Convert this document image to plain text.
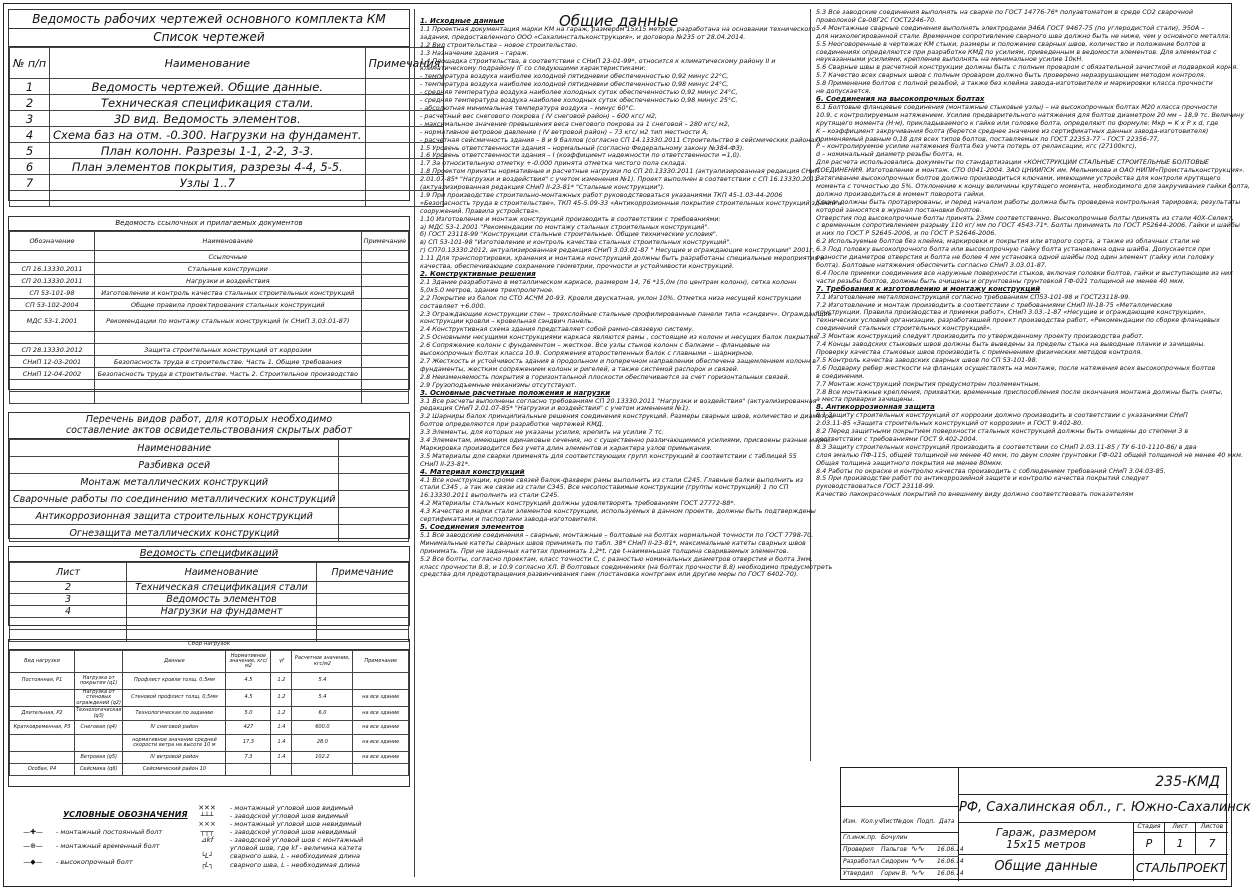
Ведомость рабочих чертежей основного комплекта КМ
Список чертежей
№ п/п	Наименование	Примечания
1	Ведомость чертежей. Общие данные.	
2	Техническая спецификация стали.	
3	3D вид. Ведомость элементов.	
4	Схема баз на отм. -0.300. Нагрузки на фундамент.	
5	План колонн. Разрезы 1-1, 2-2, 3-3.	
6	План элементов покрытия, разрезы 4-4, 5-5.	
7	Узлы 1..7	

Ведомость ссылочных и прилагаемых документов
Обозначение	Наименование	Примечание
	Ссылочные	
СП 16.13330.2011	Стальные конструкции	
СП 20.13330.2011	Нагрузки и воздействия	
СП 53-101-98	Изготовление и контроль качества стальных строительных конструкций	
СП 53-102-2004	Общие правила проектирования стальных конструкций	
МДС 53-1.2001	Рекомендации по монтажу стальных конструкций (к СНиП 3.03.01-87)	

СП 28.13330.2012	Защита строительных конструкций от коррозии	
СНиП 12-03-2001	Безопасность труда в строительстве. Часть 1. Общие требования	
СНиП 12-04-2002	Безопасность труда в строительстве. Часть 2. Строительное производство	

Перечень видов работ, для которых необходимо
составление актов освидетельствования скрытых работ
Наименование	
Разбивка осей	
Монтаж металлических конструкций	
Сварочные работы по соединению металлических конструкций	
Антикоррозионная защита строительных конструкций	
Огнезащита металлических конструкций	
Ведомость спецификаций
Лист	Наименование	Примечание
2	Техническая спецификация стали	
3	Ведомость элементов	
4	Нагрузки на фундамент	

Сбор нагрузок
Вид нагрузки		Данные	Нормативное значение, кгс/м2	γf	Расчетное значение, кгс/м2	Примечание
Постоянная, Р1	Нагрузка от покрытия (q1)	Профлист кровли толщ. 0,5мм	4.5	1.2	5.4	
	Нагрузка от стеновых ограждений (q2)	Стеновой профлист толщ. 0,5мм	4.5	1.2	5.4	на все здание
Длительная, Р2	Технологическая (q3)	Технологическая по заданию	5.0	1.2	6.0	на все здание
Кратковременная, Р3	Снеговая (q4)	IV снеговой район	427	1.4	600.0	на все здание
		нормативное значение средней скорости ветра на высоте 10 м	17.3	1.4	28.0	на все здание
	Ветровая (q5)	IV ветровой район	7.3	1.4	102.2	на все здание
Особая, Р4	Сейсмика (q6)	Сейсмический район 10				
УСЛОВНЫЕ ОБОЗНАЧЕНИЯ
—✚— - монтажный постоянный болт
—⊕— - монтажный временный болт
—◆— - высокопрочный болт
✕✕✕ - монтажный угловой шов видимый
┴┴┴	- заводской угловой шов видимый
××× - монтажный угловой шов невидимый
┬┬┬	- заводской угловой шов невидимый
⊿kf	- заводской угловой шов с монтажный
угловой шов, где kf - величина катета
└L┘	сварного шва, L - необходимая длина
┌L┐	сварного шва, L - необходимая длина
Общие данные

1. Исходные данные

1.1 Проектная документация марки КМ на гараж, размером 15х15 метров, разработана на основании технического

задания, предоставленного ООО «Сахалинстальконструкция», и договора №235 от 28.04.2014.

1.2 Вид строительства – новое строительство.

1.3 Назначение здания – гараж.

1.4 Площадка строительства, в соответствии с СНиП 23-01-99*, относится к климатическому району II и

климатическому подрайону IГ со следующими характеристиками:

- температура воздуха наиболее холодной пятидневки обеспеченностью 0,92 минус 22°С,

- температура воздуха наиболее холодной пятидневки обеспеченностью 0,98 минус 24°С,

- средняя температура воздуха наиболее холодных суток обеспеченностью 0,92 минус 24°С,

- средняя температура воздуха наиболее холодных суток обеспеченностью 0,98 минус 25°С.

- абсолютная минимальная температура воздуха – минус 60°С.

- расчетный вес снегового покрова ( IV снеговой район) – 600 кгс/ м2,

- максимальное значение превышения веса снегового покрова за 1 снеговой – 280 кгс/ м2,

- нормативное ветровое давление ( IV ветровой район) – 73 кгс/ м2 тип местности А,

- расчетная сейсмичность здания – 8 и 9 баллов (согласно СП 14.13330.2011 Строительство в сейсмических районах).

1.5 Уровень ответственности здания – нормальный (согласно Федеральному закону №384-ФЗ).

1.6 Уровень ответственности здания – I (коэффициент надежности по ответственности =1,0).

1.7 За относительную отметку +-0.000 принята отметка чистого пола склада.

1.8 Проектом приняты нормативные и расчетные нагрузки по СП 20.13330.2011 (актуализированная редакция СНиП

2.01.07-85* "Нагрузки и воздействия" с учетом изменения №1). Проект выполнен в соответствии с СП 16.13330.2011

(актуализированная редакция СНиП II-23-81* "Стальные конструкции").

1.9 При производстве строительно-монтажных работ руководствоваться указаниями ТКП 45-1.03-44-2006

«Безопасность труда в строительстве», ТКП 45-5.09-33 «Антикоррозионные покрытия строительных конструкций зданий и

сооружений. Правила устройства».

1.10 Изготовление и монтаж конструкций производить в соответствии с требованиями:

а) МДС 53-1.2001 "Рекомендации по монтажу стальных строительных конструкций".

б) ГОСТ 23118-99 "Конструкции стальные строительные. Общие технические условия".

в) СП 53-101-98 "Изготовление и контроль качества стальных строительных конструкций".

г) СП70.13330.2012, актуализированная редакция СНиП 3.03.01-87 " Несущие и ограждающие конструкции" 2001г.

1.11 Для транспортировки, хранения и монтажа конструкций должны быть разработаны специальные мероприятия и

качества, обеспечивающие сохранение геометрии, прочности и устойчивости конструкций.

2. Конструктивные решения

2.1 Здание разработано в металлическом каркасе, размером 14, 76 *15,0м (по центрам колонн), сетка колонн

5,0х5.0 метров, здание трехпролетное.

2.2 Покрытие из балок по СТО АСЧМ 20-93. Кровля двускатная, уклон 10%. Отметка низа несущей конструкции

составляет +6.000.

2.3 Ограждающие конструкции стен – трехслойные стальные профилированные панели типа «сэндвич». Ограждающие

конструкции кровли – кровельная сэндвич панель.

2.4 Конструктивная схема здания представляет собой рамно-связевую систему.

2.5 Основными несущими конструкциями каркаса являются рамы , состоящие из колонн и несущих балок покрытия.

2.6 Сопряжение колонн с фундаментом – жесткое. Все узлы стыков колонн с балками – фланцевые на

высокопрочных болтах класса 10.9. Сопряжения второстепенных балок с главными – шарнирное.

2.7 Жесткость и устойчивость здания в продольном и поперечном направлении обеспечена защемлением колонн в

фундаменты, жестким сопряжением колонн и ригелей, а также системой распорок и связей.

2.8 Неизменяемость покрытия в горизонтальной плоскости обеспечивается за счет горизонтальных связей.

2.9 Грузоподъемные механизмы отсутствуют.

3. Основные расчетные положения и нагрузки

3.1 Все расчеты выполнены согласно требованиям СП 20.13330.2011 "Нагрузки и воздействия" (актуализированная

редакция СНиП 2.01.07-85* "Нагрузки и воздействия" с учетом изменения №1).

3.2 Шарниры балок принципиальные решения соединения конструкций. Размеры сварных швов, количество и диаметры

болтов определяются при разработке чертежей КМД.

3.3 Элементы, для которых не указаны усилия, крепить на усилие 7 тс.

3.4 Элементам, имеющим одинаковые сечения, но с существенно различающимися усилиями, присвоены разные марки.

Маркировка производится без учета длин элементов и характера узлов примыкания.

3.5 Материалы для сварки применять для соответствующих групп конструкций в соответствии с таблицей 55

СНиП II-23-81*.

4. Материал конструкций

4.1 Все конструкции, кроме связей балок-фахверк рамы выполнить из стали С245. Главные балки выполнить из

стали С345 , а так же связи из стали С345. Все несопоставимые конструкции (группы конструкций) 1 по СП

16.13330.2011 выполнить из стали С245.

4.2 Материалы стальных конструкций должны удовлетворять требованиям ГОСТ 27772-88*.

4.3 Качество и марки стали элементов конструкции, используемых в данном проекте, должны быть подтверждены

сертификатами и паспортами завода-изготовителя.

5. Соединения элементов

5.1 Все заводские соединения – сварные, монтажные – болтовые на болтах нормальной точности по ГОСТ 7798-70.

Минимальные катеты сварных швов принимать по табл. 38* СНиП II-23-81*, максимальные катеты сварных швов

принимать. При не заданных катетах принимать 1,2*t, где t-наименьшая толщина свариваемых элементов.

5.2 Все болты, согласно проектам, класс точности С, с разностью номинальных диаметров отверстия и болта 3мм,

класс прочности 8.8, и 10.9 согласно ХЛ. В болтовых соединениях (на болтах прочности 8.8) необходимо предусмотреть

средства для предотвращения развинчивания гаек (постановка контргаек или другие меры по ГОСТ 6402-70).

5.3 Все заводские соединения выполнять на сварке по ГОСТ 14776-76* полуавтоматом в среде СО2 сварочной

проволокой Св-08Г2С ГОСТ2246-70.

5.4 Монтажные сварные соединения выполнять электродами Э46А ГОСТ 9467-75 (по углеродистой стали), Э50А –

для низколегированной стали. Временное сопротивление сварного шва должно быть не ниже, чем у основного металла.

5.5 Неоговоренные в чертежах КМ стыки, размеры и положение сварных швов, количество и положение болтов в

соединениях определяются при разработке КМД по усилиям, приведенным в ведомости элементов. Для элементов с

неуказанными усилиями, крепление выполнять на минимальное усилие 10кН.

5.6 Сварные швы в расчетной конструкции должны быть с полным проваром с обязательной зачисткой и подваркой корня.

5.7 Качество всех сварных швов с полным проваром должно быть проверено неразрушающим методом контроля.

5.8 Применение болтов с полной резьбой, а также без клейма завода-изготовителя и маркировки класса прочности

не допускается.

6. Соединения на высокопрочных болтах

6.1 Болтовые фланцевые соединения (монтажные стыковые узлы) – на высокопрочных болтах М20 класса прочности

10.9, с контролируемым натяжением. Усилие предварительного натяжения для болтов диаметром 20 мм – 18,9 тс. Величину

крутящего момента (Н·м), прикладываемого к гайке или головке болта, определяют по формуле: Мкр = K х P х d, где

K – коэффициент закручивания болта (берется среднее значение из сертификатных данных завода-изготовителя)

применяемый равным 0,18 для всех типов болтов, поставляемых по ГОСТ 22353-77 – ГОСТ 22356-77,

P – контролируемое усилие натяжения болта без учета потерь от релаксации, кгс (27100кгс),

d – номинальный диаметр резьбы болта, м.

Для расчета использовались документы по стандартизации «КОНСТРУКЦИИ СТАЛЬНЫЕ СТРОИТЕЛЬНЫЕ БОЛТОВЫЕ

СОЕДИНЕНИЯ. Изготовление и монтаж. СТО 0041-2004. ЗАО ЦНИИПСК им. Мельникова и ОАО НИПИ«Промстальконструкция».

Затягивание высокопрочных болтов должно производиться ключами, имеющими устройства для контроля крутящего

момента с точностью до 5%. Отклонение к концу величины крутящего момента, необходимого для закручивания гайки болта,

должно производиться в момент поворота гайки.

Ключи должны быть протарированы, и перед началом работы должна быть проведена контрольная тарировка, результаты

которой заносятся в журнал постановки болтов.

Отверстия под высокопрочные болты принять 23мм соответственно. Высокопрочные болты принять из стали 40Х-Селект,

с временным сопротивлением разрыву 110 кг/ мм по ГОСТ 4543-71*. Болты принимать по ГОСТ Р52644-2006. Гайки и шайбы

и них по ГОСТ Р 52645-2006, и по ГОСТ Р 52646-2006.

6.2 Используемые болтов без клейма, маркировки и покрытия или второго сорта, а также из облачных стали не

6.3 Под головку высокопрочного болта или высокопрочную гайку болта установлена одна шайба. Допускается при

разности диаметров отверстия и болта не более 4 мм установка одной шайбы под один элемент (гайку или головку

болта). Болтовые натяжения обеспечить согласно СНиП 3.03.01-87.

6.4 После приемки соединения все наружные поверхности стыков, включая головки болтов, гайки и выступающие из них

части резьбы болтов, должны быть очищены и огрунтованы грунтовкой ГФ-021 толщиной не менее 40 мкм.

7. Требования к изготовлению и монтажу конструкций

7.1 Изготовление металлоконструкций согласно требованиям СП53-101-98 и ГОСТ23118-99.

7.2 Изготовление и монтаж производить в соответствии с требованиями СНиП III-18-75 «Металлические

конструкции. Правила производства и приемки работ», СНиП 3.03.-1-87 «Несущие и ограждающие конструкции»,

технических условий организации, разработавшей проект производства работ, «Рекомендации по сборке фланцевых

соединений стальных строительных конструкций».

7.3 Монтаж конструкций следует производить по утвержденному проекту производства работ.

7.4 Концы заводских стыковых швов должны быть выведены за пределы стыка на выводные планки и зачищены.

Проверку качества стыковых швов производить с применением физических методов контроля.

7.5 Контроль качества заводских сварных швов по СП 53-101-98.

7.6 Подварку ребер жесткости на фланцах осуществлять на монтаже, после натяжения всех высокопрочных болтов

в соединении.

7.7 Монтаж конструкций покрытия предусмотрен позлементным.

7.8 Все монтажные крепления, прихватки, временные приспособления после окончания монтажа должны быть сняты,

а места приварки зачищены.

8. Антикоррозионная защита

8.1 Защиту строительных конструкций от коррозии должно производить в соответствии с указаниями СНиП

2.03.11-85 «Защита строительных конструкций от коррозии» и ГОСТ 9.402-80.

8.2 Перед защитными покрытием поверхности стальных конструкций должны быть очищены до степени 3 в

соответствии с требованиями ГОСТ 9.402-2004.

8.3 Защиту строительных конструкций производить в соответствии со СНиП 2.03.11-85 / ТУ 6-10-1110-86/ в два

слоя эмалью ПФ-115, общей толщиной не менее 40 мкм, по двум слоям грунтовки ГФ-021 общей толщиной не менее 40 мкм.

Общая толщина защитного покрытия не менее 80мкм.

8.4 Работы по окраске и контролю качества производить с соблюдением требований СНиП 3.04.03-85.

8.5 При производстве работ по антикоррозийной защите и контролю качества покрытий следует

руководствоваться ГОСТ 23118-99.

Качество лакокрасочных покрытий по внешнему виду должно соответствовать показателям

235-КМД
РФ, Сахалинская обл., г. Южно-Сахалинск
Гараж, размером
15х15 метров
Общие данные
Стадия	Лист	Листов
Р	1	7
СТАЛЬПРОЕКТ
Изм. Кол.уч Лист №док Подп. Дата
Гл.инж.пр. Бочулин
Проверил Пальгов ∿∿ 16.06.14
Разработал Сидорин ∿∿ 16.06.14
Утвердил Горин В. ∿∿ 16.06.14
